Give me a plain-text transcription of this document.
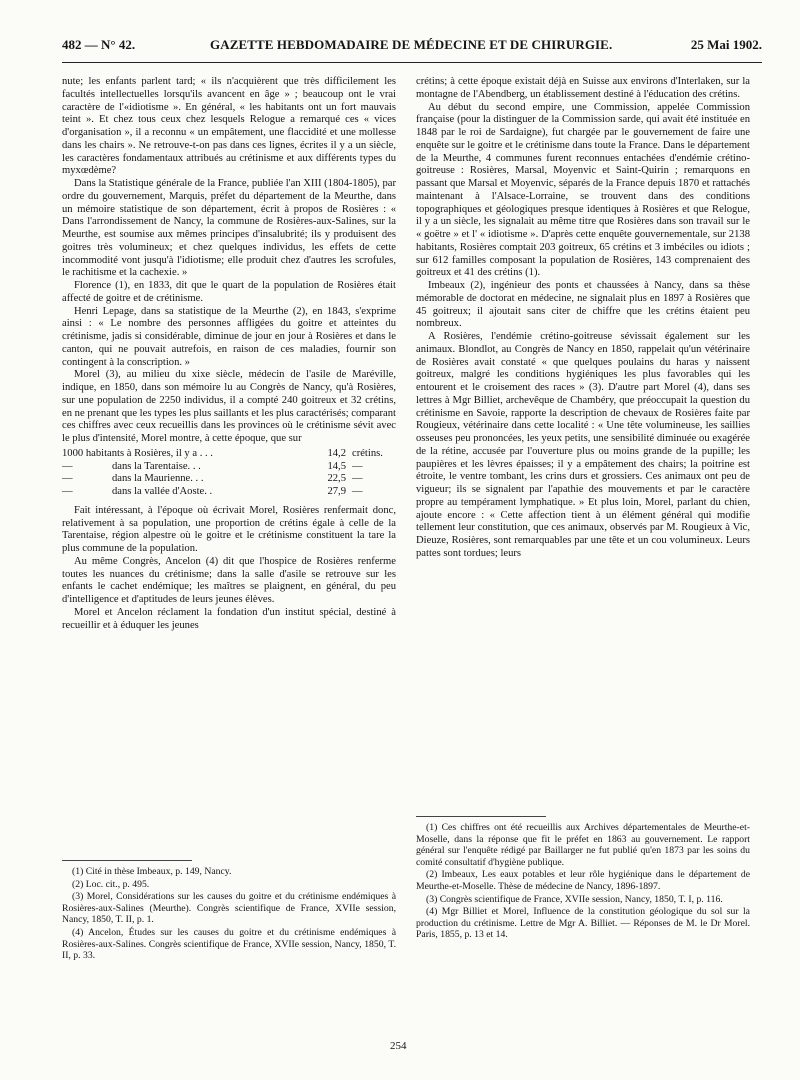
482 — N° 42.	GAZETTE HEBDOMADAIRE DE MÉDECINE ET DE CHIRURGIE.	25 Mai 1902.

nute; les enfants parlent tard; « ils n'acquièrent que très difficilement les facultés intellectuelles lorsqu'ils avancent en âge » ; beaucoup ont le vrai caractère de l'«idiotisme ». En général, « les habitants ont un fort mauvais teint ». Et chez tous ceux chez lesquels Relogue a remarqué ces « vices d'organisation », il a reconnu « un empâtement, une flaccidité et une mollesse dans les chairs ». Ne retrouve-t-on pas dans ces lignes, écrites il y a un siècle, les caractères fondamentaux attribués au crétinisme et aux différents types du myxœdème?

Dans la Statistique générale de la France, publiée l'an XIII (1804-1805), par ordre du gouvernement, Marquis, préfet du département de la Meurthe, dans un mémoire statistique de son département, écrit à propos de Rosières : « Dans l'arrondissement de Nancy, la commune de Rosières-aux-Salines, sur la Meurthe, est soumise aux mêmes principes d'insalubrité; ils y produisent des goitres très volumineux; et chez quelques individus, les effets de cette incommodité vont jusqu'à l'idiotisme; elle produit chez d'autres les scrofules, le rachitisme et la cachexie. »

Florence (1), en 1833, dit que le quart de la population de Rosières était affecté de goitre et de crétinisme.

Henri Lepage, dans sa statistique de la Meurthe (2), en 1843, s'exprime ainsi : « Le nombre des personnes affligées du goitre et atteintes du crétinisme, jadis si considérable, diminue de jour en jour à Rosières et dans le canton, qui ne pouvait autrefois, en raison de ces maladies, fournir son contingent à la conscription. »

Morel (3), au milieu du xixe siècle, médecin de l'asile de Maréville, indique, en 1850, dans son mémoire lu au Congrès de Nancy, qu'à Rosières, sur une population de 2250 individus, il a compté 240 goitreux et 32 crétins, en ne prenant que les types les plus saillants et les plus caractérisés; comparant ces chiffres avec ceux recueillis dans les provinces où le crétinisme sévit avec le plus d'intensité, Morel montre, à cette époque, que sur

1000 habitants à Rosières, il y a . . .	14,2 crétins.
—	dans la Tarentaise. . .	14,5 —
—	dans la Maurienne. . .	22,5 —
—	dans la vallée d'Aoste. .	27,9 —

Fait intéressant, à l'époque où écrivait Morel, Rosières renfermait donc, relativement à sa population, une proportion de crétins égale à celle de la Tarentaise, région alpestre où le goitre et le crétinisme constituent la tare la plus commune de la population.

Au même Congrès, Ancelon (4) dit que l'hospice de Rosières renferme toutes les nuances du crétinisme; dans la salle d'asile se retrouve sur les enfants le cachet endémique; les maîtres se plaignent, en général, du peu d'intelligence et d'aptitudes de leurs jeunes élèves.

Morel et Ancelon réclament la fondation d'un institut spécial, destiné à recueillir et à éduquer les jeunes

crétins; à cette époque existait déjà en Suisse aux environs d'Interlaken, sur la montagne de l'Abendberg, un établissement destiné à l'éducation des crétins.

Au début du second empire, une Commission, appelée Commission française (pour la distinguer de la Commission sarde, qui avait été instituée en 1848 par le roi de Sardaigne), fut chargée par le gouvernement de faire une enquête sur le goitre et le crétinisme dans toute la France. Dans le département de la Meurthe, 4 communes furent reconnues entachées d'endémie crétino-goitreuse : Rosières, Marsal, Moyenvic et Saint-Quirin ; remarquons en passant que Marsal et Moyenvic, séparés de la France depuis 1870 et rattachés maintenant à l'Alsace-Lorraine, se trouvent dans des conditions topographiques et géologiques presque identiques à Rosières et que Relogue, il y a un siècle, les signalait au même titre que Rosières dans son travail sur le « goëtre » et l' « idiotisme ». D'après cette enquête gouvernementale, sur 2138 habitants, Rosières comptait 203 goitreux, 65 crétins et 3 imbéciles ou idiots ; sur 612 familles composant la population de Rosières, 143 comprenaient des goitreux et 41 des crétins (1).

Imbeaux (2), ingénieur des ponts et chaussées à Nancy, dans sa thèse mémorable de doctorat en médecine, ne signalait plus en 1897 à Rosières que 45 goitreux; il ajoutait sans citer de chiffre que les crétins étaient peu nombreux.

A Rosières, l'endémie crétino-goitreuse sévissait également sur les animaux. Blondlot, au Congrès de Nancy en 1850, rappelait qu'un vétérinaire de Rosières avait constaté « que quelques poulains du haras y naissent goitreux, malgré les conditions hygiéniques les plus favorables qui les entourent et le croisement des races » (3). D'autre part Morel (4), dans ses lettres à Mgr Billiet, archevêque de Chambéry, que préoccupait la question du crétinisme en Savoie, rapporte la description de chevaux de Rosières faite par Rougieux, vétérinaire dans cette localité : « Une tête volumineuse, les saillies osseuses peu prononcées, les yeux petits, une sensibilité diminuée ou exagérée de la rétine, accusée par l'ouverture plus ou moins grande de la pupille; les paupières et les lèvres épaisses; il y a empâtement des chairs; la poitrine est étroite, le ventre tombant, les crins durs et grossiers. Ces animaux ont peu de vigueur; ils se signalent par l'apathie des mouvements et par le caractère propre au tempérament lymphatique. » Et plus loin, Morel, parlant du chien, ajoute encore : « Cette affection tient à un élément général qui modifie tellement leur constitution, que ces animaux, observés par M. Rougieux à Vic, Dieuze, Rosières, sont remarquables par une tête et un cou volumineux. Leurs pattes sont tordues; leurs

(1) Cité in thèse Imbeaux, p. 149, Nancy.

(2) Loc. cit., p. 495.

(3) Morel, Considérations sur les causes du goitre et du crétinisme endémiques à Rosières-aux-Salines (Meurthe). Congrès scientifique de France, XVIIe session, Nancy, 1850, T. II, p. 1.

(4) Ancelon, Études sur les causes du goitre et du crétinisme endémiques à Rosières-aux-Salines. Congrès scientifique de France, XVIIe session, Nancy, 1850, T. II, p. 33.

(1) Ces chiffres ont été recueillis aux Archives départementales de Meurthe-et-Moselle, dans la réponse que fit le préfet en 1863 au gouvernement. Le rapport général sur l'enquête rédigé par Baillarger ne fut publié qu'en 1873 par les soins du comité consultatif d'hygiène publique.

(2) Imbeaux, Les eaux potables et leur rôle hygiénique dans le département de Meurthe-et-Moselle. Thèse de médecine de Nancy, 1896-1897.

(3) Congrès scientifique de France, XVIIe session, Nancy, 1850, T. I, p. 116.

(4) Mgr Billiet et Morel, Influence de la constitution géologique du sol sur la production du crétinisme. Lettre de Mgr A. Billiet. — Réponses de M. le Dr Morel. Paris, 1855, p. 13 et 14.

254
